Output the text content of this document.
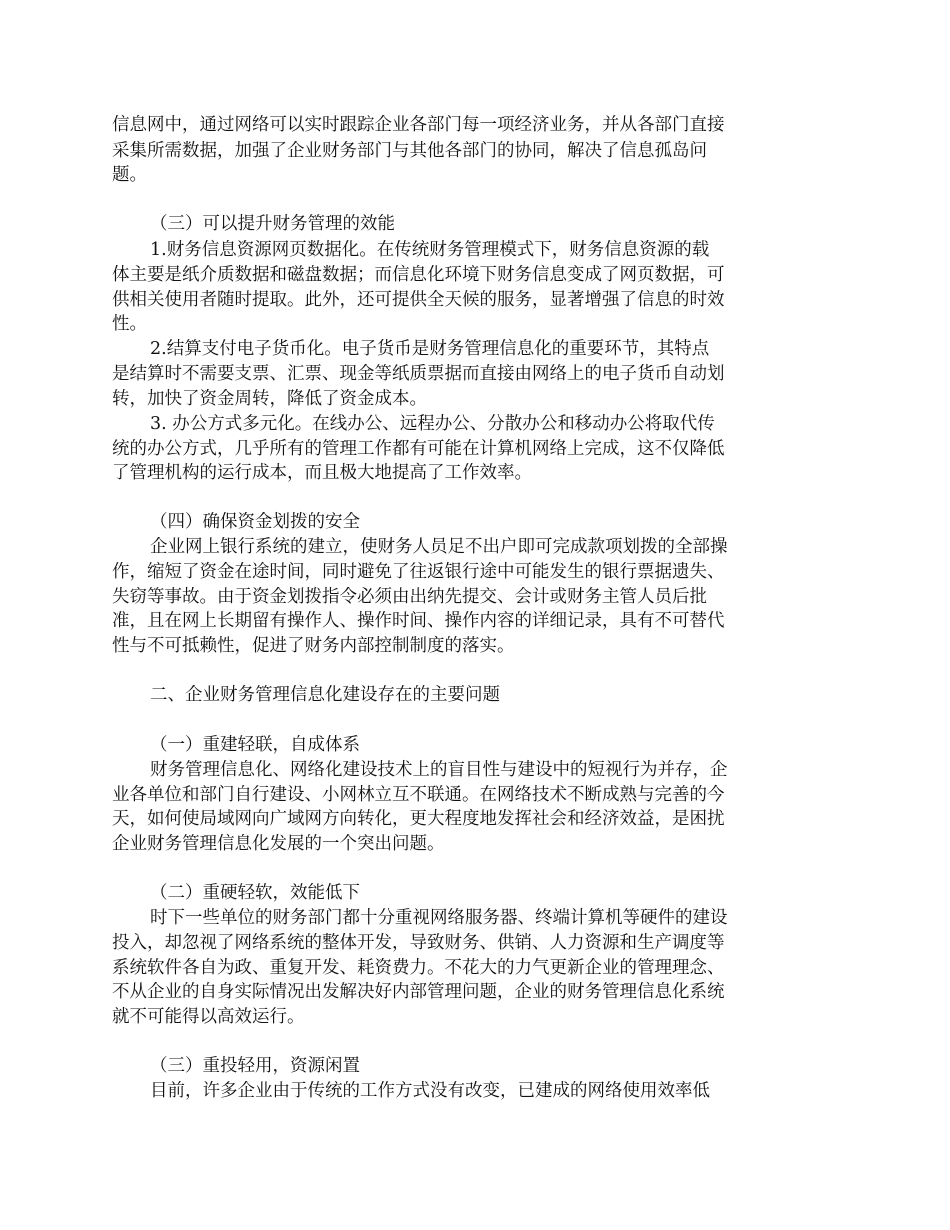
信息网中，通过网络可以实时跟踪企业各部门每一项经济业务，并从各部门直接
采集所需数据，加强了企业财务部门与其他各部门的协同，解决了信息孤岛问
题。
（三）可以提升财务管理的效能
1.财务信息资源网页数据化。在传统财务管理模式下，财务信息资源的载
体主要是纸介质数据和磁盘数据；而信息化环境下财务信息变成了网页数据，可
供相关使用者随时提取。此外，还可提供全天候的服务，显著增强了信息的时效
性。
2.结算支付电子货币化。电子货币是财务管理信息化的重要环节，其特点
是结算时不需要支票、汇票、现金等纸质票据而直接由网络上的电子货币自动划
转，加快了资金周转，降低了资金成本。
3. 办公方式多元化。在线办公、远程办公、分散办公和移动办公将取代传
统的办公方式，几乎所有的管理工作都有可能在计算机网络上完成，这不仅降低
了管理机构的运行成本，而且极大地提高了工作效率。
（四）确保资金划拨的安全
企业网上银行系统的建立，使财务人员足不出户即可完成款项划拨的全部操
作，缩短了资金在途时间，同时避免了往返银行途中可能发生的银行票据遗失、
失窃等事故。由于资金划拨指令必须由出纳先提交、会计或财务主管人员后批
准，且在网上长期留有操作人、操作时间、操作内容的详细记录，具有不可替代
性与不可抵赖性，促进了财务内部控制制度的落实。
二、企业财务管理信息化建设存在的主要问题
（一）重建轻联，自成体系
财务管理信息化、网络化建设技术上的盲目性与建设中的短视行为并存，企
业各单位和部门自行建设、小网林立互不联通。在网络技术不断成熟与完善的今
天，如何使局域网向广域网方向转化，更大程度地发挥社会和经济效益，是困扰
企业财务管理信息化发展的一个突出问题。
（二）重硬轻软，效能低下
时下一些单位的财务部门都十分重视网络服务器、终端计算机等硬件的建设
投入，却忽视了网络系统的整体开发，导致财务、供销、人力资源和生产调度等
系统软件各自为政、重复开发、耗资费力。不花大的力气更新企业的管理理念、
不从企业的自身实际情况出发解决好内部管理问题，企业的财务管理信息化系统
就不可能得以高效运行。
（三）重投轻用，资源闲置
目前，许多企业由于传统的工作方式没有改变，已建成的网络使用效率低
